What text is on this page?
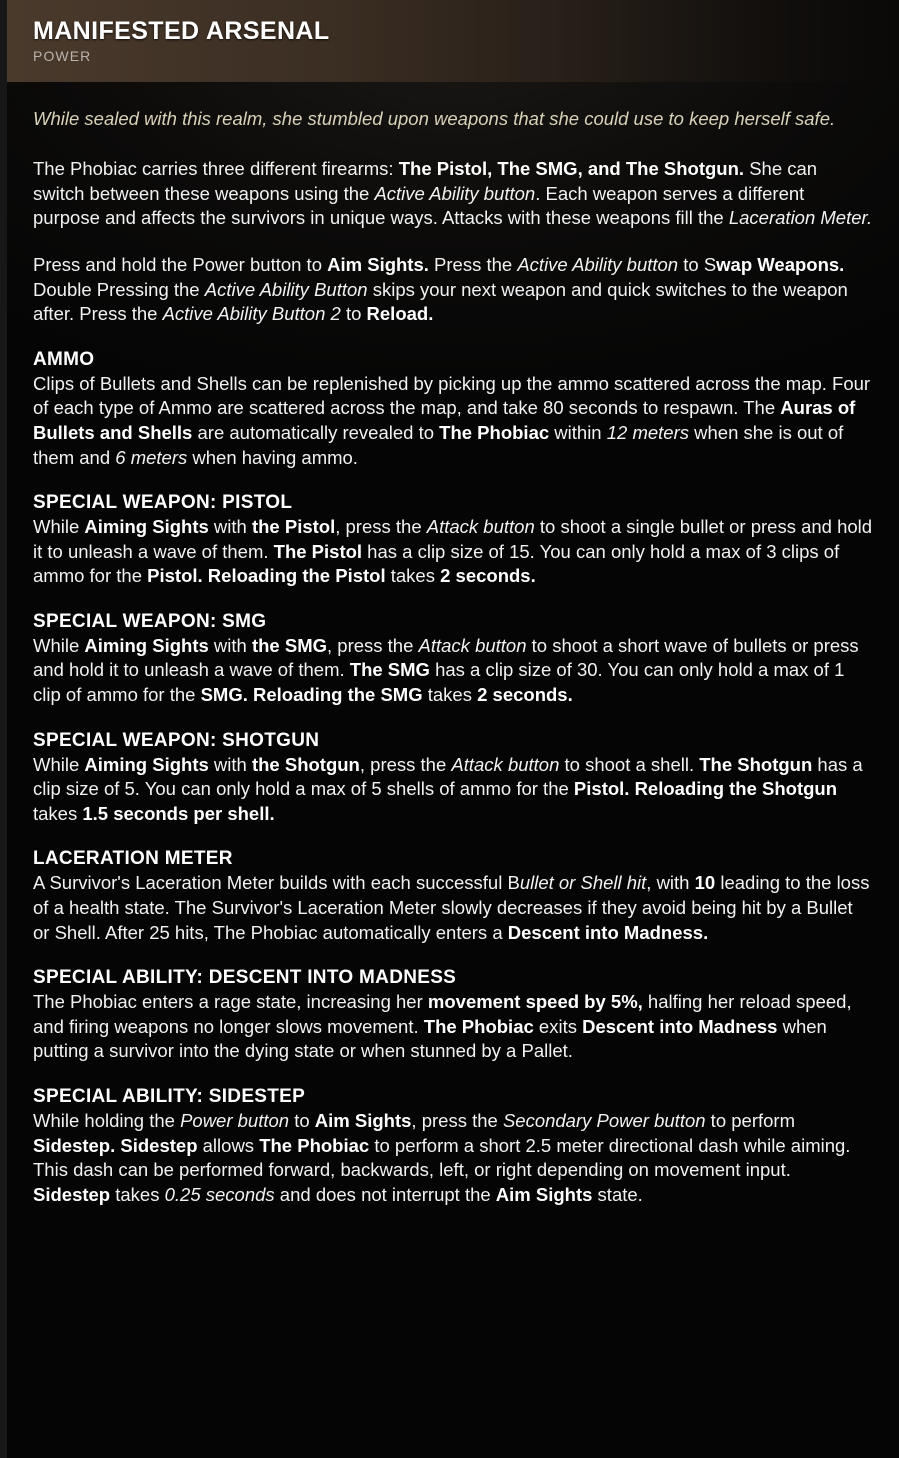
MANIFESTED ARSENAL
POWER
While sealed with this realm, she stumbled upon weapons that she could use to keep herself safe.

The Phobiac carries three different firearms: The Pistol, The SMG, and The Shotgun. She can switch between these weapons using the Active Ability button. Each weapon serves a different purpose and affects the survivors in unique ways. Attacks with these weapons fill the Laceration Meter.

Press and hold the Power button to Aim Sights. Press the Active Ability button to Swap Weapons. Double Pressing the Active Ability Button skips your next weapon and quick switches to the weapon after. Press the Active Ability Button 2 to Reload.

AMMO

Clips of Bullets and Shells can be replenished by picking up the ammo scattered across the map. Four of each type of Ammo are scattered across the map, and take 80 seconds to respawn. The Auras of Bullets and Shells are automatically revealed to The Phobiac within 12 meters when she is out of them and 6 meters when having ammo.

SPECIAL WEAPON: PISTOL

While Aiming Sights with the Pistol, press the Attack button to shoot a single bullet or press and hold it to unleash a wave of them. The Pistol has a clip size of 15. You can only hold a max of 3 clips of ammo for the Pistol. Reloading the Pistol takes 2 seconds.

SPECIAL WEAPON: SMG

While Aiming Sights with the SMG, press the Attack button to shoot a short wave of bullets or press and hold it to unleash a wave of them. The SMG has a clip size of 30. You can only hold a max of 1 clip of ammo for the SMG. Reloading the SMG takes 2 seconds.

SPECIAL WEAPON: SHOTGUN

While Aiming Sights with the Shotgun, press the Attack button to shoot a shell. The Shotgun has a clip size of 5. You can only hold a max of 5 shells of ammo for the Pistol. Reloading the Shotgun takes 1.5 seconds per shell.

LACERATION METER

A Survivor's Laceration Meter builds with each successful Bullet or Shell hit, with 10 leading to the loss of a health state. The Survivor's Laceration Meter slowly decreases if they avoid being hit by a Bullet or Shell. After 25 hits, The Phobiac automatically enters a Descent into Madness.

SPECIAL ABILITY: DESCENT INTO MADNESS

The Phobiac enters a rage state, increasing her movement speed by 5%, halfing her reload speed, and firing weapons no longer slows movement. The Phobiac exits Descent into Madness when putting a survivor into the dying state or when stunned by a Pallet.

SPECIAL ABILITY: SIDESTEP

While holding the Power button to Aim Sights, press the Secondary Power button to perform Sidestep. Sidestep allows The Phobiac to perform a short 2.5 meter directional dash while aiming. This dash can be performed forward, backwards, left, or right depending on movement input. Sidestep takes 0.25 seconds and does not interrupt the Aim Sights state.
